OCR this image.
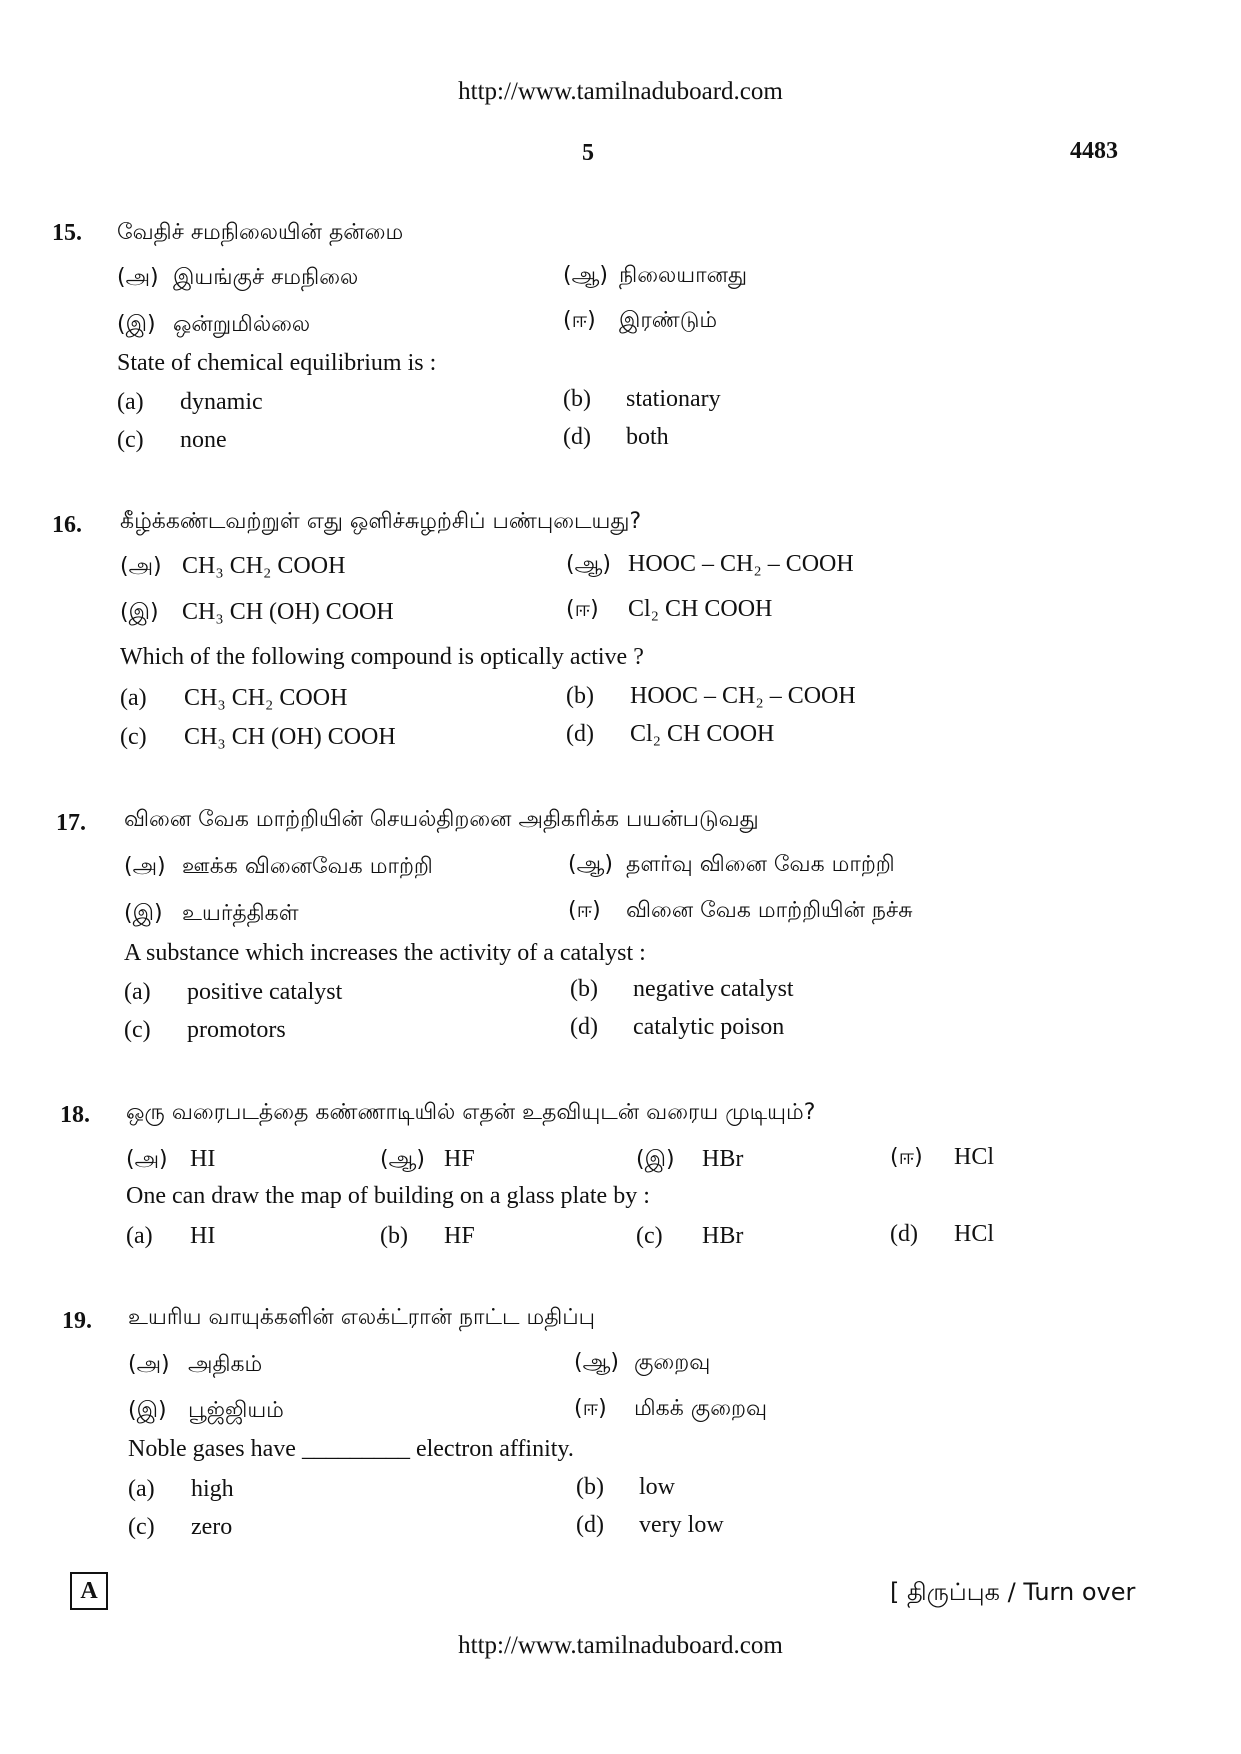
http://www.tamilnaduboard.com
5	4483
15. வேதிச் சமநிலையின் தன்மை
(அ) இயங்குச் சமநிலை	(ஆ) நிலையானது
(இ) ஒன்றுமில்லை	(ஈ) இரண்டும்
State of chemical equilibrium is :
(a) dynamic	(b) stationary
(c) none	(d) both
16. கீழ்க்கண்டவற்றுள் எது ஒளிச்சுழற்சிப் பண்புடையது?
(அ) CH₃ CH₂ COOH	(ஆ) HOOC – CH₂ – COOH
(இ) CH₃ CH (OH) COOH	(ஈ) Cl₂ CH COOH
Which of the following compound is optically active ?
(a) CH₃ CH₂ COOH	(b) HOOC – CH₂ – COOH
(c) CH₃ CH (OH) COOH	(d) Cl₂ CH COOH
17. வினை வேக மாற்றியின் செயல்திறனை அதிகரிக்க பயன்படுவது
(அ) ஊக்க வினைவேக மாற்றி	(ஆ) தளர்வு வினை வேக மாற்றி
(இ) உயர்த்திகள்	(ஈ) வினை வேக மாற்றியின் நச்சு
A substance which increases the activity of a catalyst :
(a) positive catalyst	(b) negative catalyst
(c) promotors	(d) catalytic poison
18. ஒரு வரைபடத்தை கண்ணாடியில் எதன் உதவியுடன் வரைய முடியும்?
(அ) HI	(ஆ) HF	(இ) HBr	(ஈ) HCl
One can draw the map of building on a glass plate by :
(a) HI	(b) HF	(c) HBr	(d) HCl
19. உயரிய வாயுக்களின் எலக்ட்ரான் நாட்ட மதிப்பு
(அ) அதிகம்	(ஆ) குறைவு
(இ) பூஜ்ஜியம்	(ஈ) மிகக் குறைவு
Noble gases have _________ electron affinity.
(a) high	(b) low
(c) zero	(d) very low
A	[ திருப்புக / Turn over
http://www.tamilnaduboard.com
